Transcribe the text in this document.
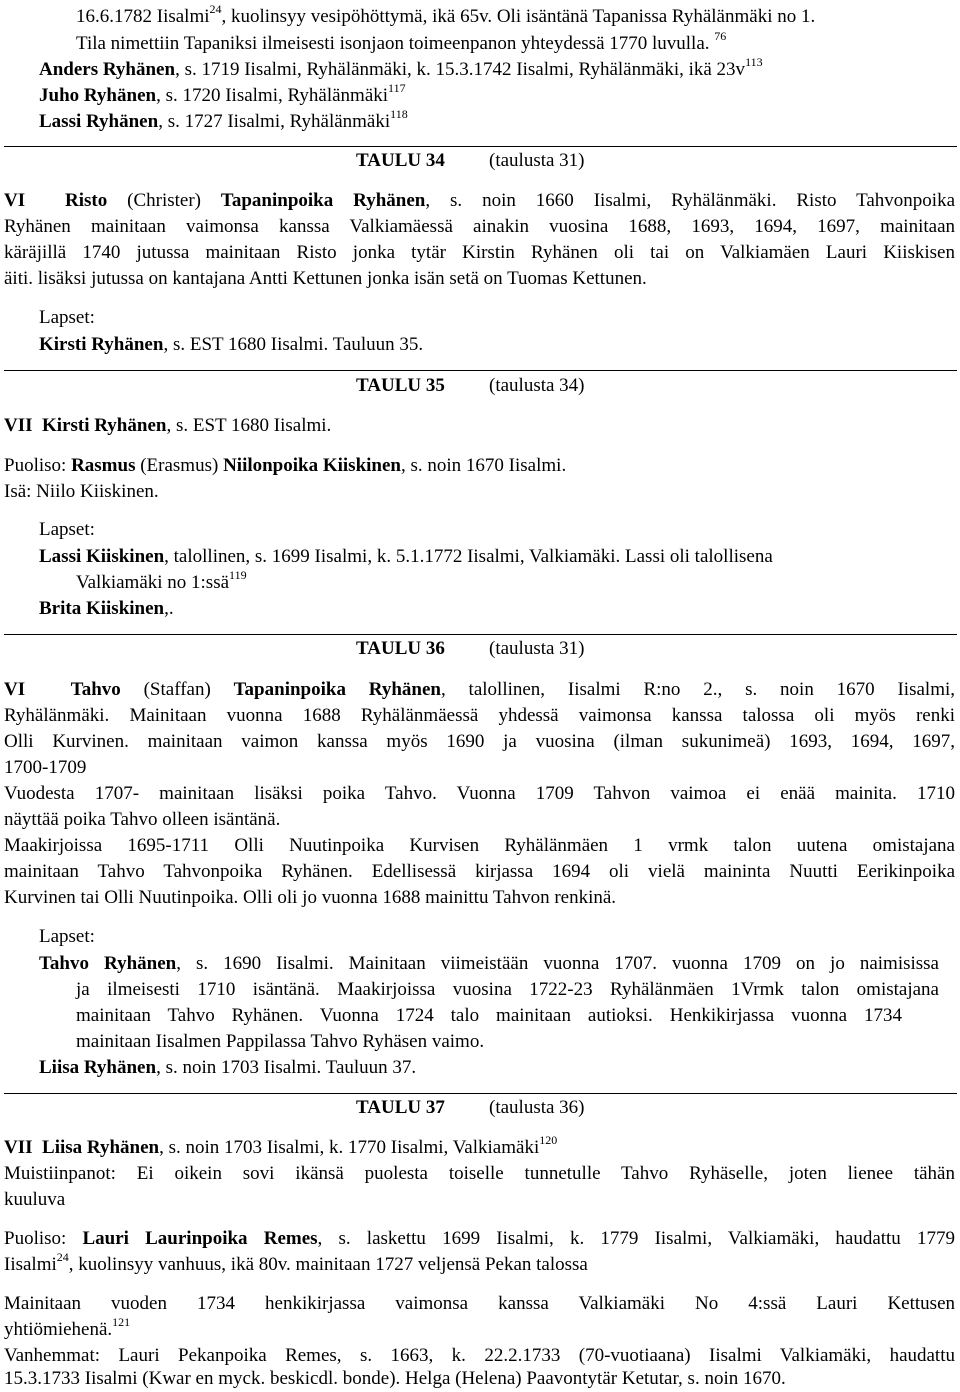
16.6.1782 Iisalmi$^{24}$, kuolinsyy vesipöhöttymä, ikä 65v. Oli isäntänä Tapanissa Ryhälänmäki no 1.
Tila nimettiin Tapaniksi ilmeisesti isonjaon toimeenpanon yhteydessä 1770 luvulla. $^{76}$
Anders Ryhänen, s. 1719 Iisalmi, Ryhälänmäki, k. 15.3.1742 Iisalmi, Ryhälänmäki, ikä $23v^{113}$
Juho Ryhänen, s. 1720 Iisalmi, Ryhälänmäki$^{117}$
Lassi Ryhänen, s. 1727 Iisalmi, Ryhälänmäki$^{118}$
TAULU 34 (taulusta 31)
VI Risto (Christer) Tapaninpoika Ryhänen, s. noin 1660 Iisalmi, Ryhälänmäki. Risto Tahvonpoika
Ryhänen mainitaan vaimonsa kanssa Valkiamäessä ainakin vuosina 1688, 1693, 1694, 1697, mainitaan
käräjillä 1740 jutussa mainitaan Risto jonka tytär Kirstin Ryhänen oli tai on Valkiamäen Lauri Kiiskisen
äiti. lisäksi jutussa on kantajana Antti Kettunen jonka isän setä on Tuomas Kettunen.
Lapset:
Kirsti Ryhänen, s. EST 1680 Iisalmi. Tauluun 35.
TAULU 35 (taulusta 34)
VII Kirsti Ryhänen, s. EST 1680 Iisalmi.
Puoliso: Rasmus (Erasmus) Niilonpoika Kiiskinen, s. noin 1670 Iisalmi.
Isä: Niilo Kiiskinen.
Lapset:
Lassi Kiiskinen, talollinen, s. 1699 Iisalmi, k. 5.1.1772 Iisalmi, Valkiamäki. Lassi oli talollisena
Valkiamäki no 1:ssä$^{119}$
Brita Kiiskinen,.
TAULU 36 (taulusta 31)
VI Tahvo (Staffan) Tapaninpoika Ryhänen, talollinen, Iisalmi R:no 2., s. noin 1670 Iisalmi,
Ryhälänmäki. Mainitaan vuonna 1688 Ryhälänmäessä yhdessä vaimonsa kanssa talossa oli myös renki
Olli Kurvinen. mainitaan vaimon kanssa myös 1690 ja vuosina (ilman sukunimeä) 1693, 1694, 1697,
1700-1709
Vuodesta 1707- mainitaan lisäksi poika Tahvo. Vuonna 1709 Tahvon vaimoa ei enää mainita. 1710
näyttää poika Tahvo olleen isäntänä.
Maakirjoissa 1695-1711 Olli Nuutinpoika Kurvisen Ryhälänmäen 1 vrmk talon uutena omistajana
mainitaan Tahvo Tahvonpoika Ryhänen. Edellisessä kirjassa 1694 oli vielä maininta Nuutti Eerikinpoika
Kurvinen tai Olli Nuutinpoika. Olli oli jo vuonna 1688 mainittu Tahvon renkinä.
Lapset:
Tahvo Ryhänen, s. 1690 Iisalmi. Mainitaan viimeistään vuonna 1707. vuonna 1709 on jo naimisissa
ja ilmeisesti 1710 isäntänä. Maakirjoissa vuosina 1722-23 Ryhälänmäen 1Vrmk talon omistajana
mainitaan Tahvo Ryhänen. Vuonna 1724 talo mainitaan autioksi. Henkikirjassa vuonna 1734
mainitaan Iisalmen Pappilassa Tahvo Ryhäsen vaimo.
Liisa Ryhänen, s. noin 1703 Iisalmi. Tauluun 37.
TAULU 37 (taulusta 36)
VII Liisa Ryhänen, s. noin 1703 Iisalmi, k. 1770 Iisalmi, Valkiamäki$^{120}$
Muistiinpanot: Ei oikein sovi ikänsä puolesta toiselle tunnetulle Tahvo Ryhäselle, joten lienee tähän
kuuluva
Puoliso: Lauri Laurinpoika Remes, s. laskettu 1699 Iisalmi, k. 1779 Iisalmi, Valkiamäki, haudattu 1779
Iisalmi$^{24}$, kuolinsyy vanhuus, ikä 80v. mainitaan 1727 veljensä Pekan talossa
Mainitaan vuoden 1734 henkikirjassa vaimonsa kanssa Valkiamäki No 4:ssä Lauri Kettusen
yhtiömiehenä.$^{121}$
Vanhemmat: Lauri Pekanpoika Remes, s. 1663, k. 22.2.1733 (70-vuotiaana) Iisalmi Valkiamäki, haudattu
15.3.1733 Iisalmi (Kwar en myck. beskicdl. bonde). Helga (Helena) Paavontytär Ketutar, s. noin 1670.
